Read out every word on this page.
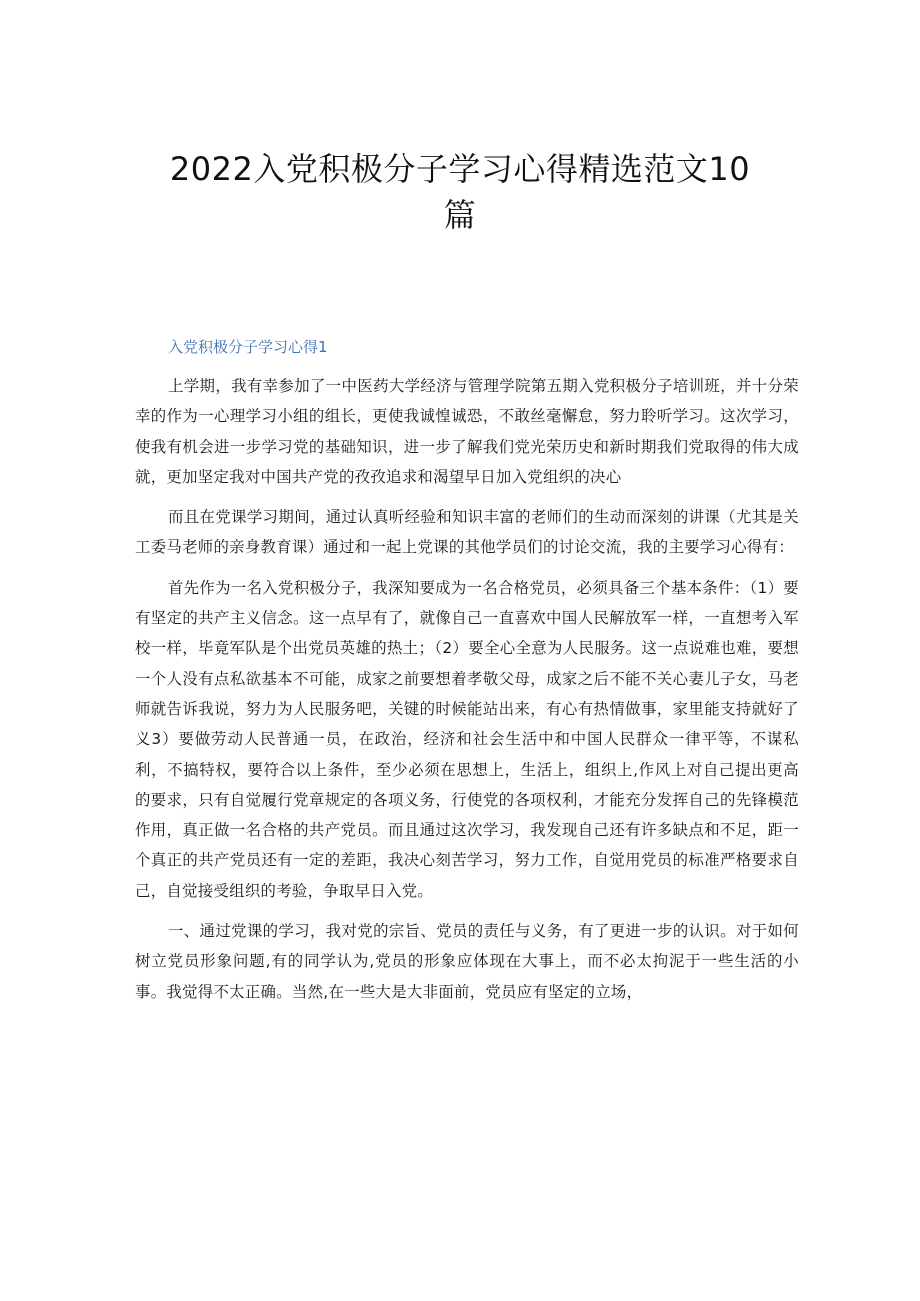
2022入党积极分子学习心得精选范文10
篇
入党积极分子学习心得1

上学期，我有幸参加了一中医药大学经济与管理学院第五期入党积极分子培训班，并十分荣幸的作为一心理学习小组的组长，更使我诚惶诚恐，不敢丝毫懈怠，努力聆听学习。这次学习，使我有机会进一步学习党的基础知识，进一步了解我们党光荣历史和新时期我们党取得的伟大成就，更加坚定我对中国共产党的孜孜追求和渴望早日加入党组织的决心

而且在党课学习期间，通过认真听经验和知识丰富的老师们的生动而深刻的讲课（尤其是关工委马老师的亲身教育课）通过和一起上党课的其他学员们的讨论交流，我的主要学习心得有：

首先作为一名入党积极分子，我深知要成为一名合格党员，必须具备三个基本条件：（1）要有坚定的共产主义信念。这一点早有了，就像自己一直喜欢中国人民解放军一样，一直想考入军校一样，毕竟军队是个出党员英雄的热土；（2）要全心全意为人民服务。这一点说难也难，要想一个人没有点私欲基本不可能，成家之前要想着孝敬父母，成家之后不能不关心妻儿子女，马老师就告诉我说，努力为人民服务吧，关键的时候能站出来，有心有热情做事，家里能支持就好了义3）要做劳动人民普通一员，在政治，经济和社会生活中和中国人民群众一律平等，不谋私利，不搞特权，要符合以上条件，至少必须在思想上，生活上，组织上,作风上对自己提出更高的要求，只有自觉履行党章规定的各项义务，行使党的各项权利，才能充分发挥自己的先锋模范作用，真正做一名合格的共产党员。而且通过这次学习，我发现自己还有许多缺点和不足，距一个真正的共产党员还有一定的差距，我决心刻苦学习，努力工作，自觉用党员的标准严格要求自己，自觉接受组织的考验，争取早日入党。

一、通过党课的学习，我对党的宗旨、党员的责任与义务，有了更进一步的认识。对于如何树立党员形象问题,有的同学认为,党员的形象应体现在大事上，而不必太拘泥于一些生活的小事。我觉得不太正确。当然,在一些大是大非面前，党员应有坚定的立场，
